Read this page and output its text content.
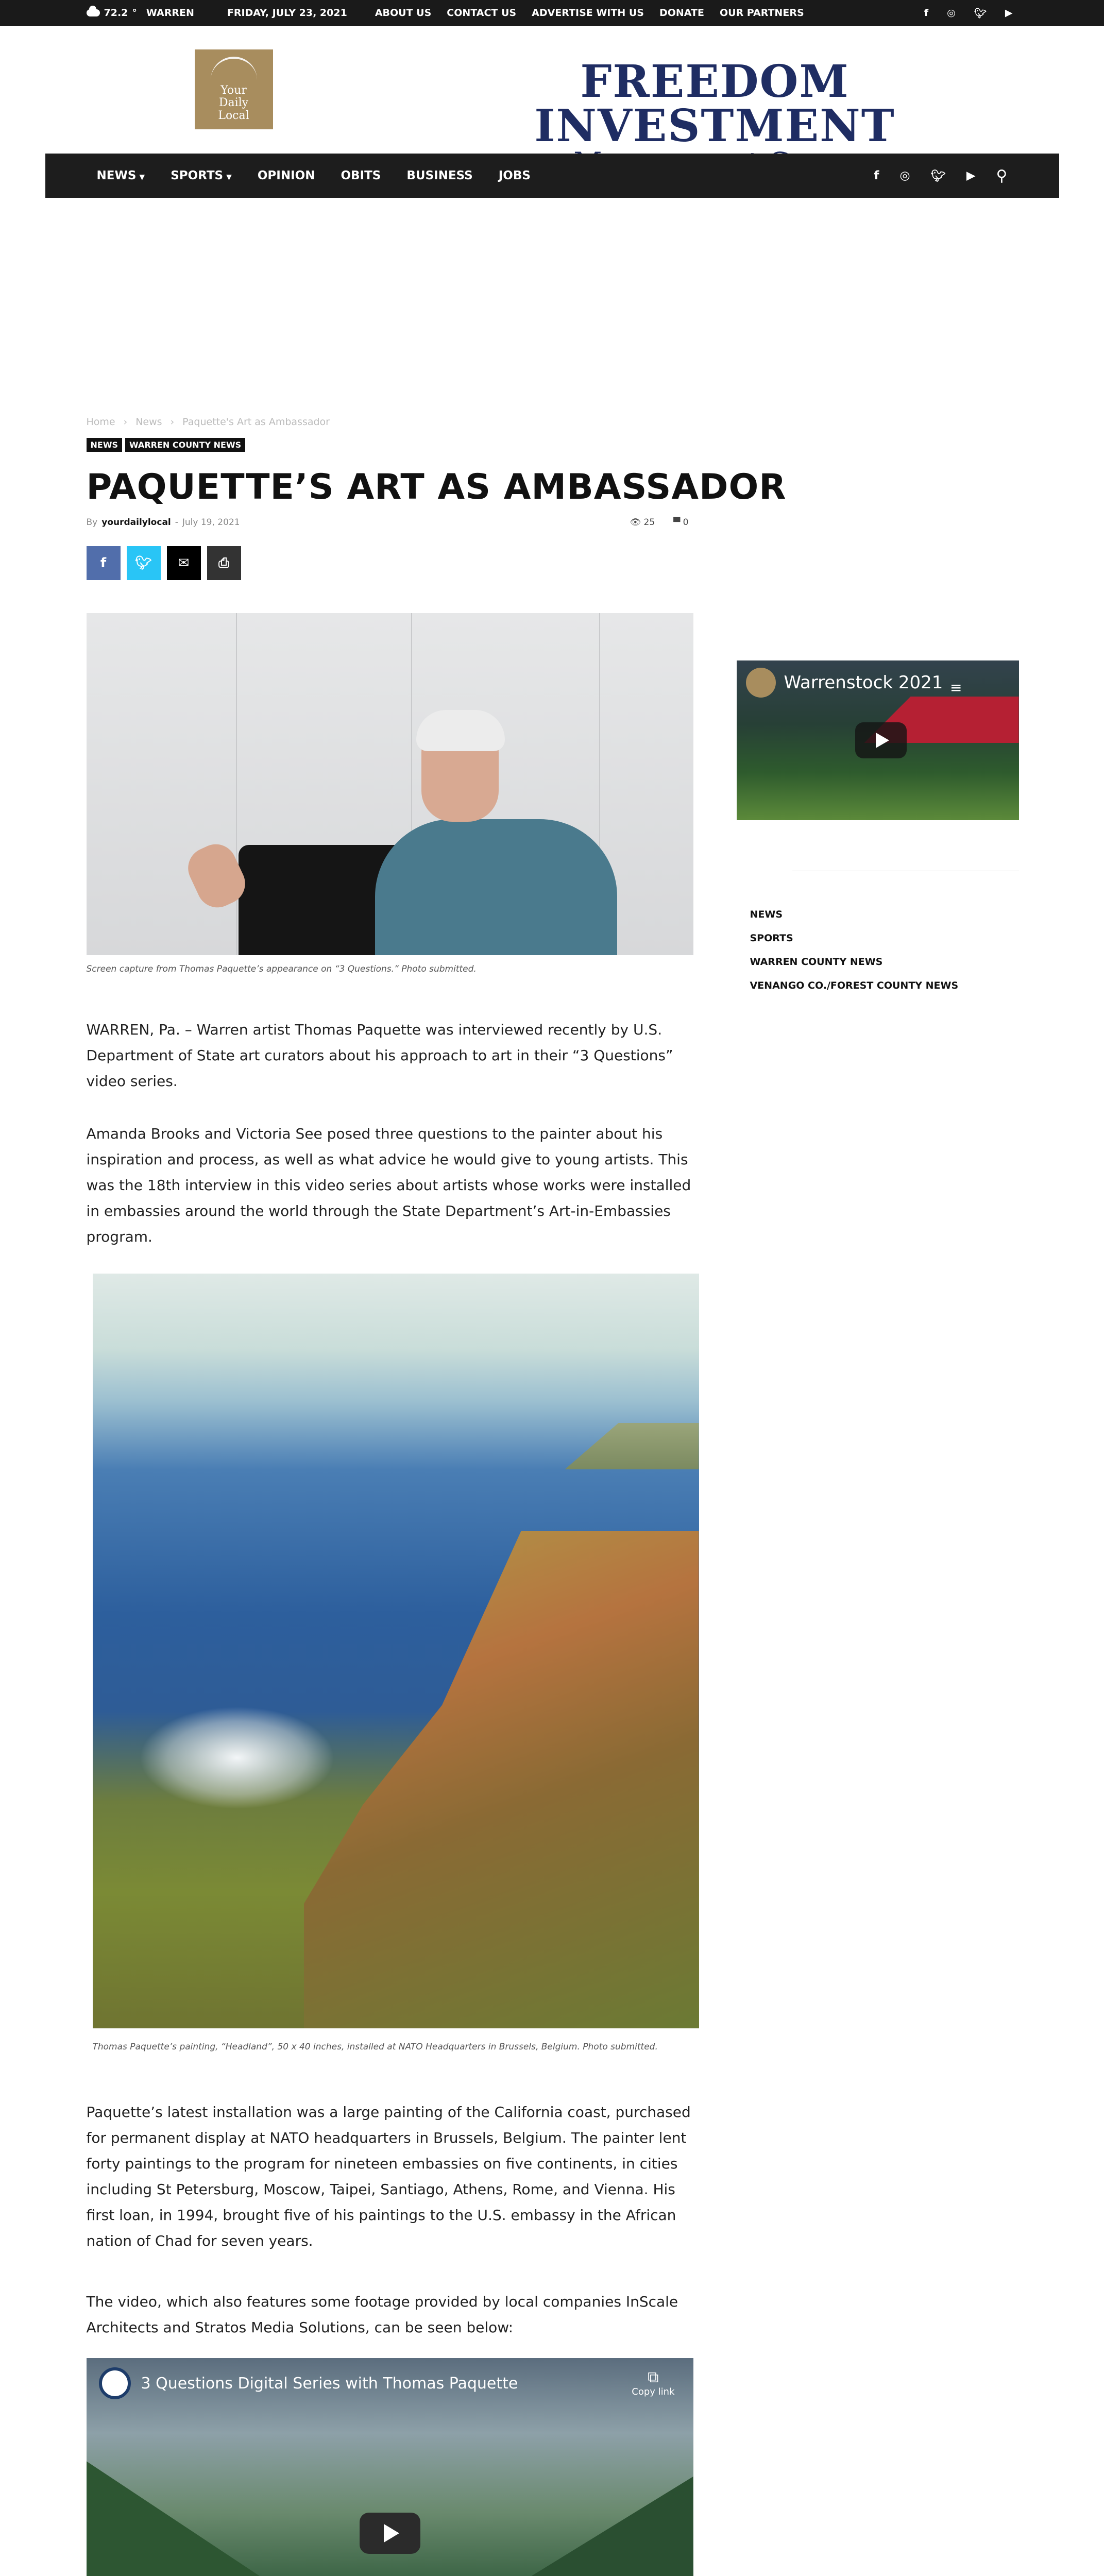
72.2 ° WARREN	FRIDAY, JULY 23, 2021	ABOUT US CONTACT US ADVERTISE WITH US DONATE OUR PARTNERS	f ◎ 🐦︎ ▶
Your Daily Local
FREEDOM INVESTMENT
NEWS ▼ SPORTS ▼ OPINION OBITS BUSINESS JOBS	f ◎ 🐦︎ ▶ ⚲
Home › News › Paquette's Art as Ambassador
NEWS	WARREN COUNTY NEWS
PAQUETTE’S ART AS AMBASSADOR
By yourdailylocal - July 19, 2021	👁 25 ▀ 0
f	🐦︎	✉	⎙
Screen capture from Thomas Paquette’s appearance on “3 Questions.” Photo submitted.

WARREN, Pa. – Warren artist Thomas Paquette was interviewed recently by U.S. Department of State art curators about his approach to art in their “3 Questions” video series.

Amanda Brooks and Victoria See posed three questions to the painter about his inspiration and process, as well as what advice he would give to young artists. This was the 18th interview in this video series about artists whose works were installed in embassies around the world through the State Department’s Art-in-Embassies program.

Thomas Paquette’s painting, “Headland”, 50 x 40 inches, installed at NATO Headquarters in Brussels, Belgium. Photo submitted.

Paquette’s latest installation was a large painting of the California coast, purchased for permanent display at NATO headquarters in Brussels, Belgium. The painter lent forty paintings to the program for nineteen embassies on five continents, in cities including St Petersburg, Moscow, Taipei, Santiago, Athens, Rome, and Vienna. His first loan, in 1994, brought five of his paintings to the U.S. embassy in the African nation of Chad for seven years.

The video, which also features some footage provided by local companies InScale Architects and Stratos Media Solutions, can be seen below:

3 Questions Digital Series with Thomas Paquette	⧉
Copy link
Warrenstock 2021 ≡
NEWS
SPORTS
WARREN COUNTY NEWS
VENANGO CO./FOREST COUNTY NEWS
